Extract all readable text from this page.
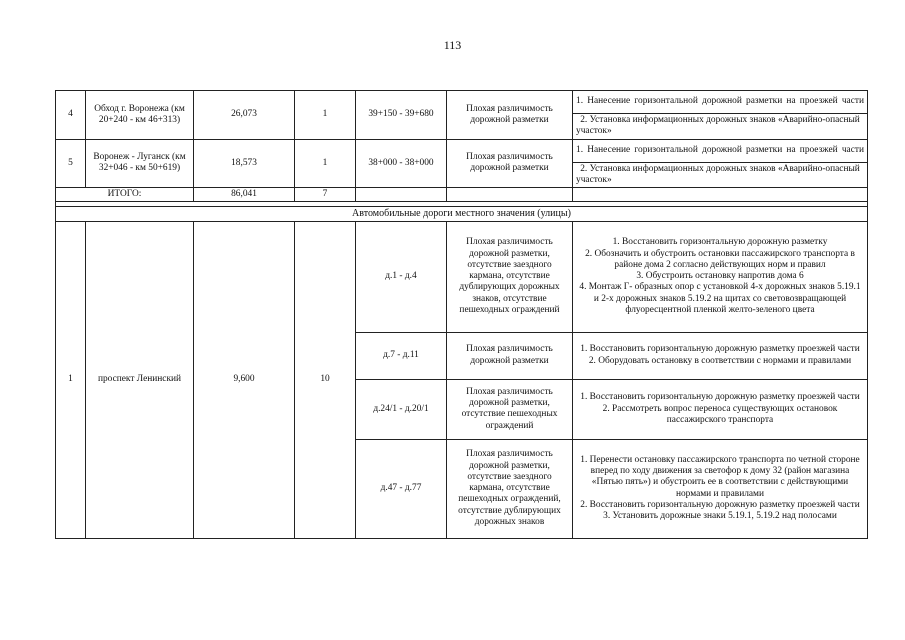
113
4	Обход г. Воронежа (км 20+240 - км 46+313)	26,073	1	39+150 - 39+680	Плохая различимость дорожной разметки	1. Нанесение горизонтальной дорожной разметки на проезжей части
						2. Установка информационных дорожных знаков «Аварийно-опасный участок»
5	Воронеж - Луганск (км 32+046 - км 50+619)	18,573	1	38+000 - 38+000	Плохая различимость дорожной разметки	1. Нанесение горизонтальной дорожной разметки на проезжей части
						2. Установка информационных дорожных знаков «Аварийно-опасный участок»
ИТОГО:		86,041	7			

Автомобильные дороги местного значения (улицы)						
1	проспект Ленинский	9,600	10	д.1 - д.4	Плохая различимость дорожной разметки, отсутствие заездного кармана, отсутствие дублирующих дорожных знаков, отсутствие пешеходных ограждений	1. Восстановить горизонтальную дорожную разметку
2. Обозначить и обустроить остановки пассажирского транспорта в районе дома 2 согласно действующих норм и правил
3. Обустроить остановку напротив дома 6
4. Монтаж Г- образных опор с установкой 4-х дорожных знаков 5.19.1 и 2-х дорожных знаков 5.19.2 на щитах со световозвращающей флуоресцентной пленкой желто-зеленого цвета

				д.7 - д.11	Плохая различимость дорожной разметки	1. Восстановить горизонтальную дорожную разметку проезжей части
2. Оборудовать остановку в соответствии с нормами и правилами

				д.24/1 - д.20/1	Плохая различимость дорожной разметки, отсутствие пешеходных ограждений	1. Восстановить горизонтальную дорожную разметку проезжей части
2. Рассмотреть вопрос переноса существующих остановок пассажирского транспорта

				д.47 - д.77	Плохая различимость дорожной разметки, отсутствие заездного кармана, отсутствие пешеходных ограждений, отсутствие дублирующих дорожных знаков	1. Перенести остановку пассажирского транспорта по четной стороне вперед по ходу движения за светофор к дому 32 (район магазина «Пятью пять») и обустроить ее в соответствии с действующими нормами и правилами
2. Восстановить горизонтальную дорожную разметку проезжей части
3. Установить дорожные знаки 5.19.1, 5.19.2 над полосами
